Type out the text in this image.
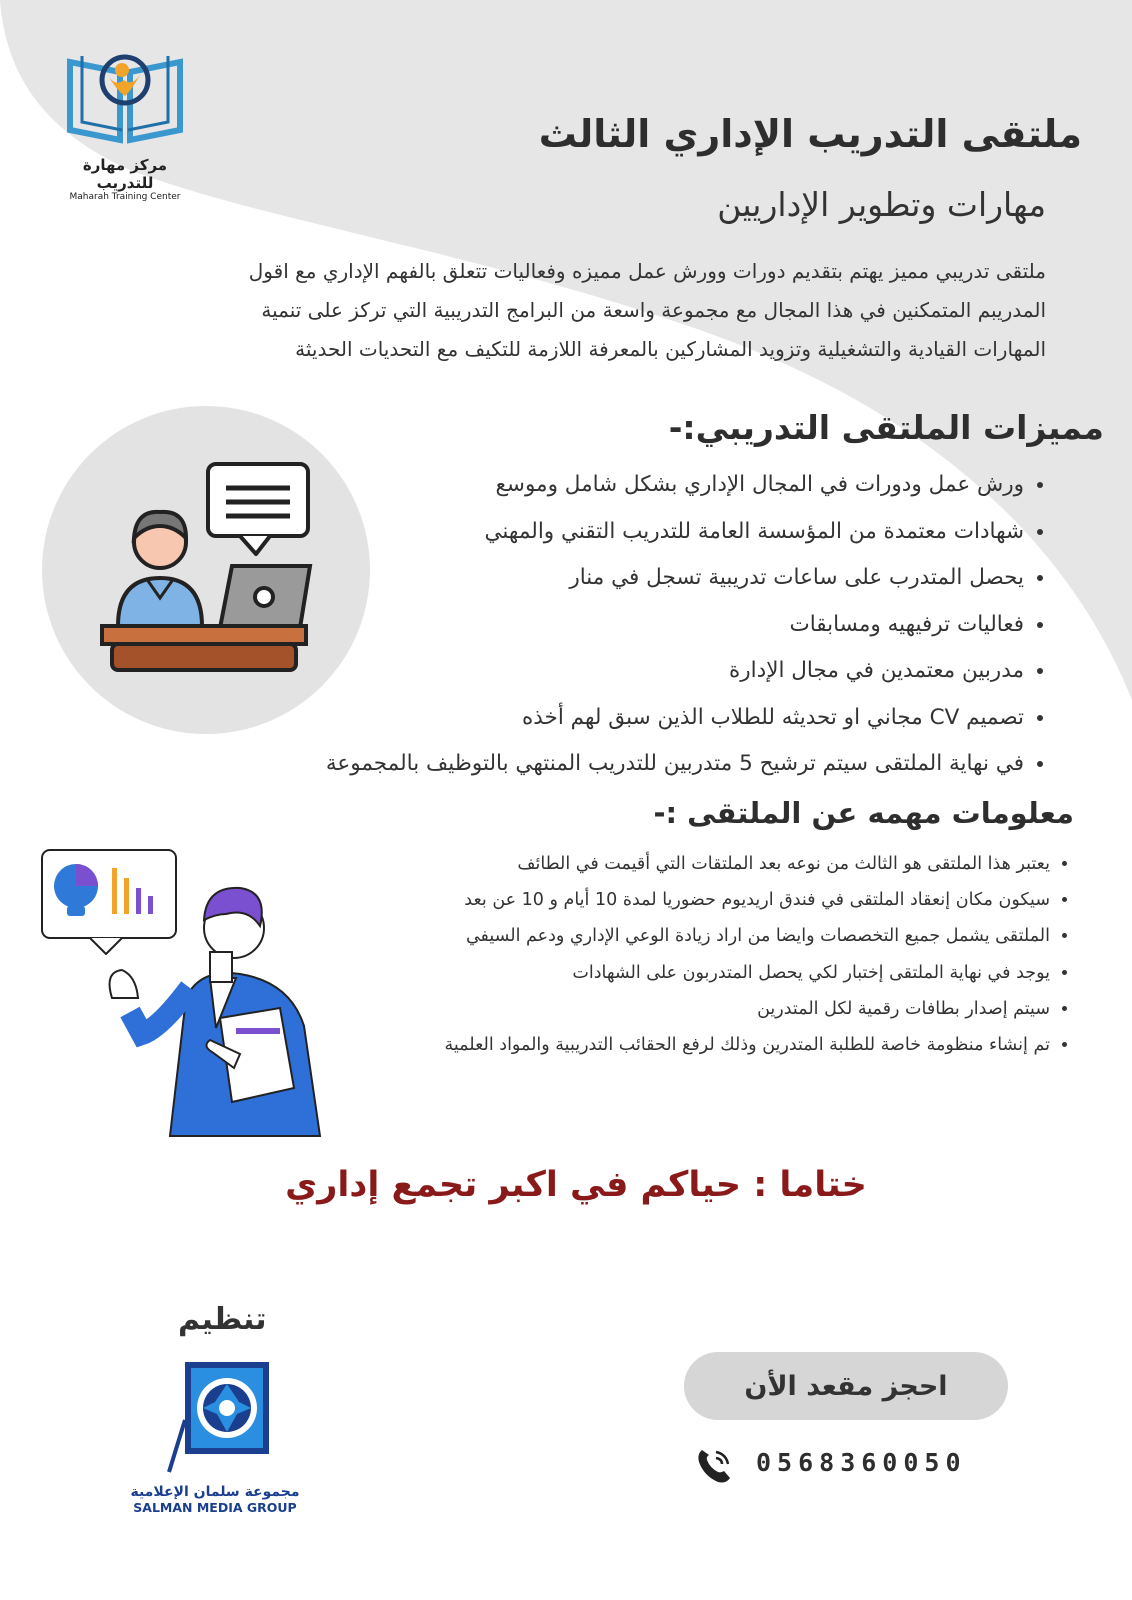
مركز مهارة للتدريب
Maharah Training Center
ملتقى التدريب الإداري الثالث
مهارات وتطوير الإداريين
ملتقى تدريبي مميز يهتم بتقديم دورات وورش عمل مميزه وفعاليات تتعلق بالفهم الإداري مع اقول
المدريبم المتمكنين في هذا المجال مع مجموعة واسعة من البرامج التدريبية التي تركز على تنمية
المهارات القيادية والتشغيلية وتزويد المشاركين بالمعرفة اللازمة للتكيف مع التحديات الحديثة
مميزات الملتقى التدريبي:-
• ورش عمل ودورات في المجال الإداري بشكل شامل وموسع
• شهادات معتمدة من المؤسسة العامة للتدريب التقني والمهني
• يحصل المتدرب على ساعات تدريبية تسجل في منار
• فعاليات ترفيهيه ومسابقات
• مدربين معتمدين في مجال الإدارة
• تصميم CV مجاني او تحديثه للطلاب الذين سبق لهم أخذه
• في نهاية الملتقى سيتم ترشيح 5 متدربين للتدريب المنتهي بالتوظيف بالمجموعة
معلومات مهمه عن الملتقى :-
• يعتبر هذا الملتقى هو الثالث من نوعه بعد الملتقات التي أقيمت في الطائف
• سيكون مكان إنعقاد الملتقى في فندق اريديوم حضوريا لمدة 10 أيام و 10 عن بعد
• الملتقى يشمل جميع التخصصات وايضا من اراد زيادة الوعي الإداري ودعم السيفي
• يوجد في نهاية الملتقى إختبار لكي يحصل المتدربون على الشهادات
• سيتم إصدار بطافات رقمية لكل المتدرين
• تم إنشاء منظومة خاصة للطلبة المتدرين وذلك لرفع الحقائب التدريبية والمواد العلمية
ختاما : حياكم في اكبر تجمع إداري
تنظيم
مجموعة سلمان الإعلامية
SALMAN MEDIA GROUP
احجز مقعد الأن
0568360050
